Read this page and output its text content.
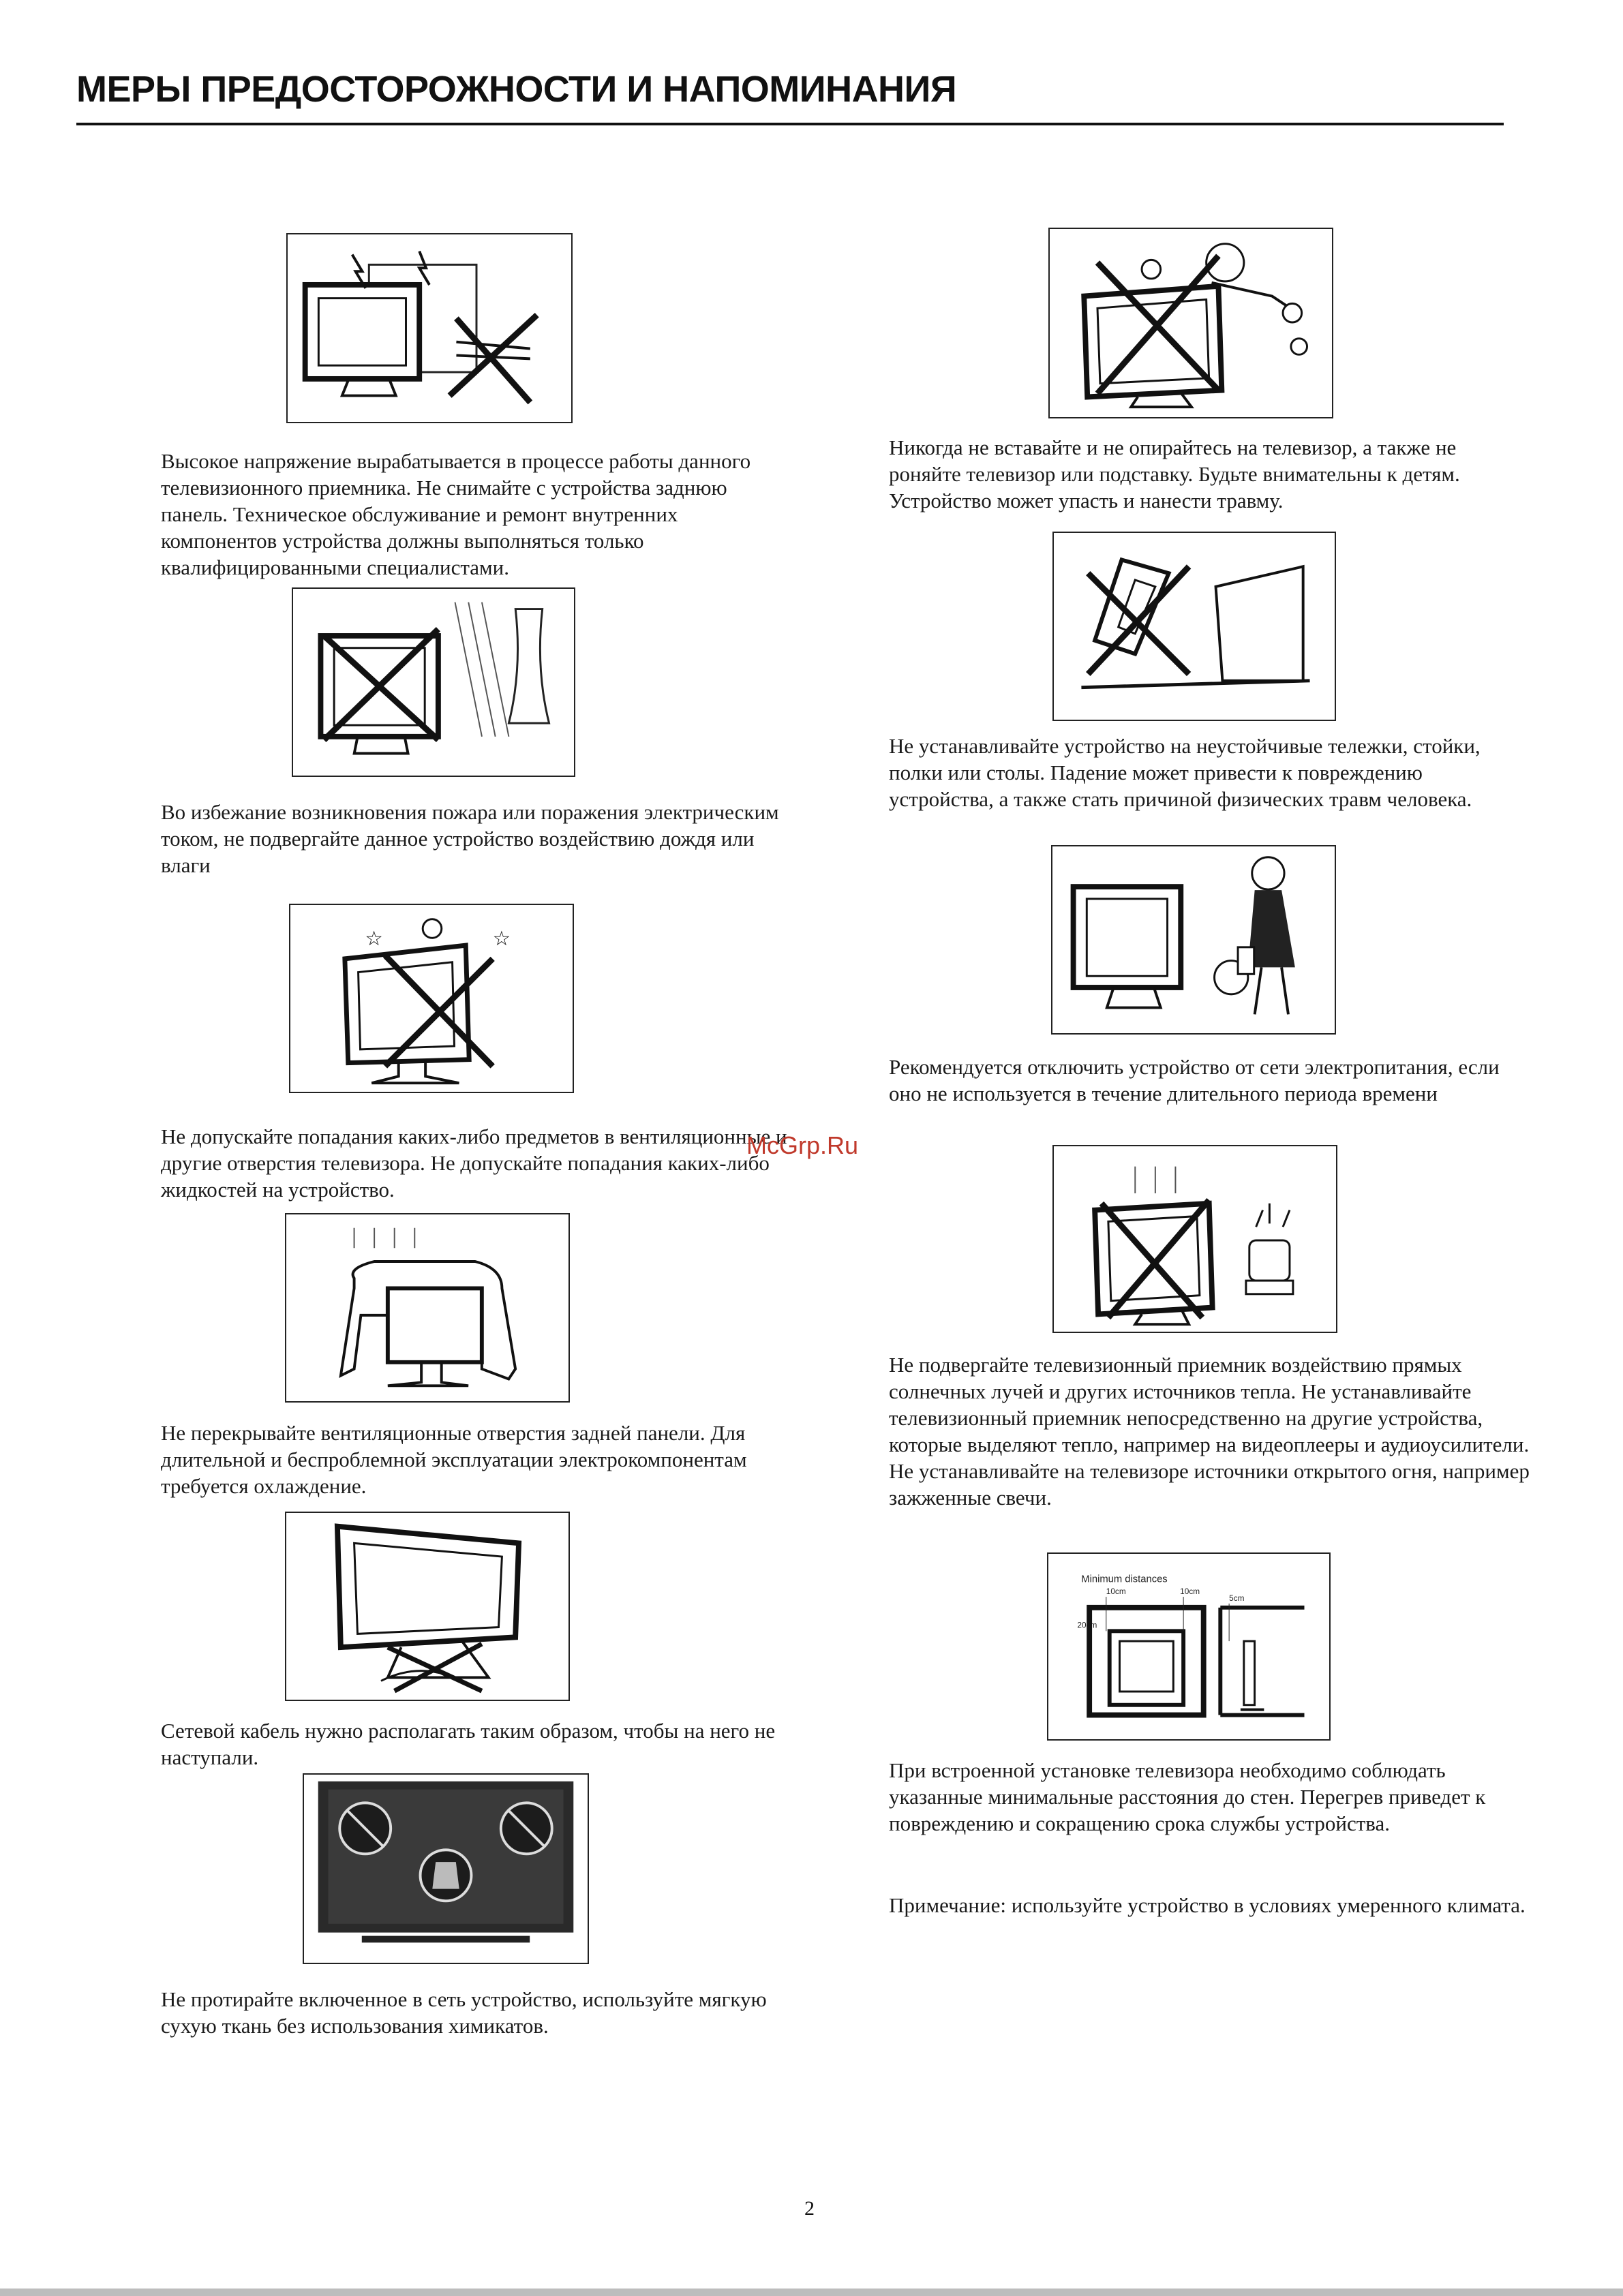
МЕРЫ ПРЕДОСТОРОЖНОСТИ И НАПОМИНАНИЯ

Высокое напряжение вырабатывается в процессе работы данного телевизионного приемника. Не снимайте с устройства заднюю панель. Техническое обслуживание и ремонт внутренних компонентов устройства должны выполняться только квалифицированными специалистами.

Во избежание возникновения пожара или поражения электрическим током, не подвергайте данное устройство воздействию дождя или влаги

☆	☆

Не допускайте попадания каких-либо предметов в вентиляционные и другие отверстия телевизора. Не допускайте попадания каких-либо жидкостей на устройство.

Не перекрывайте вентиляционные отверстия задней панели. Для длительной и беспроблемной эксплуатации электрокомпонентам требуется охлаждение.

Сетевой кабель нужно располагать таким образом, чтобы на него не наступали.

Не протирайте включенное в сеть устройство, используйте мягкую сухую ткань без использования химикатов.

Никогда не вставайте и не опирайтесь на телевизор, а также не роняйте телевизор или подставку. Будьте внимательны к детям. Устройство может упасть и нанести травму.

Не устанавливайте устройство на неустойчивые тележки, стойки, полки или столы. Падение может привести к повреждению устройства, а также стать причиной физических травм человека.

Рекомендуется отключить устройство от сети электропитания, если оно не используется в течение длительного периода времени

Не подвергайте телевизионный приемник воздействию прямых солнечных лучей и других источников тепла. Не устанавливайте телевизионный приемник непосредственно на другие устройства, которые выделяют тепло, например на видеоплееры и аудиоусилители. Не устанавливайте на телевизоре источники открытого огня, например зажженные свечи.

Minimum distances
10cm	10cm
5cm
20cm

При встроенной установке телевизора необходимо соблюдать указанные минимальные расстояния до стен. Перегрев приведет к повреждению и сокращению срока службы устройства.

Примечание: используйте устройство в условиях умеренного климата.

McGrp.Ru
2
